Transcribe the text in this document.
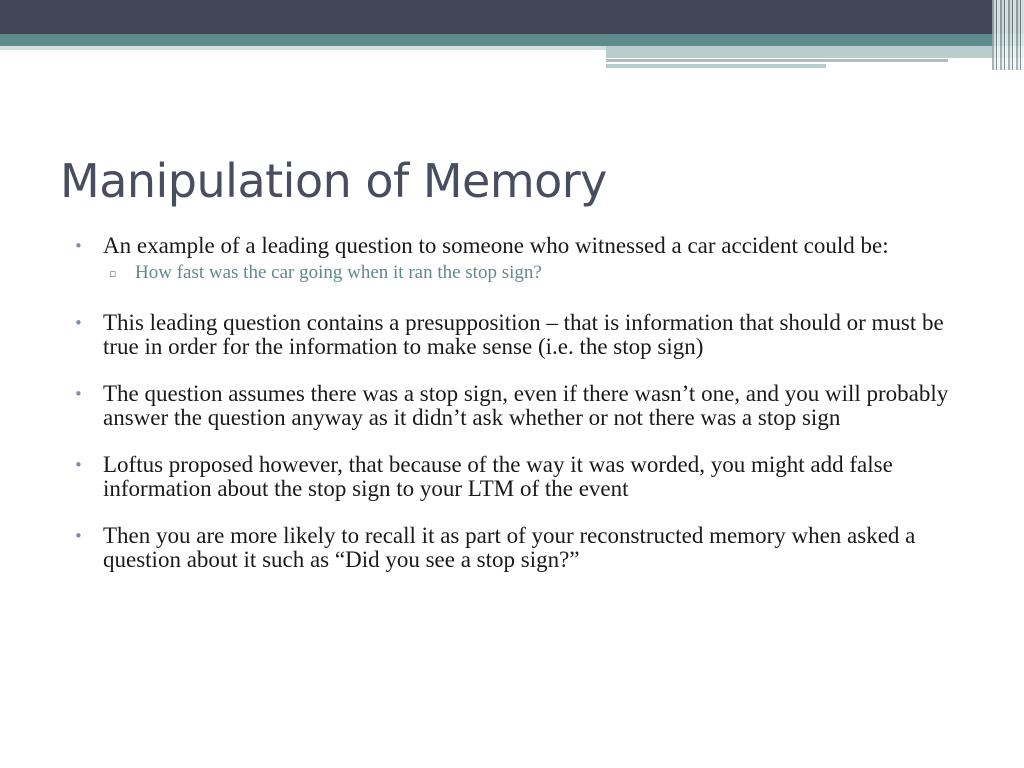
Manipulation of Memory
• An example of a leading question to someone who witnessed a car accident could be:
▫ How fast was the car going when it ran the stop sign?
• This leading question contains a presupposition – that is information that should or must be true in order for the information to make sense (i.e. the stop sign)
• The question assumes there was a stop sign, even if there wasn’t one, and you will probably answer the question anyway as it didn’t ask whether or not there was a stop sign
• Loftus proposed however, that because of the way it was worded, you might add false information about the stop sign to your LTM of the event
• Then you are more likely to recall it as part of your reconstructed memory when asked a question about it such as “Did you see a stop sign?”
